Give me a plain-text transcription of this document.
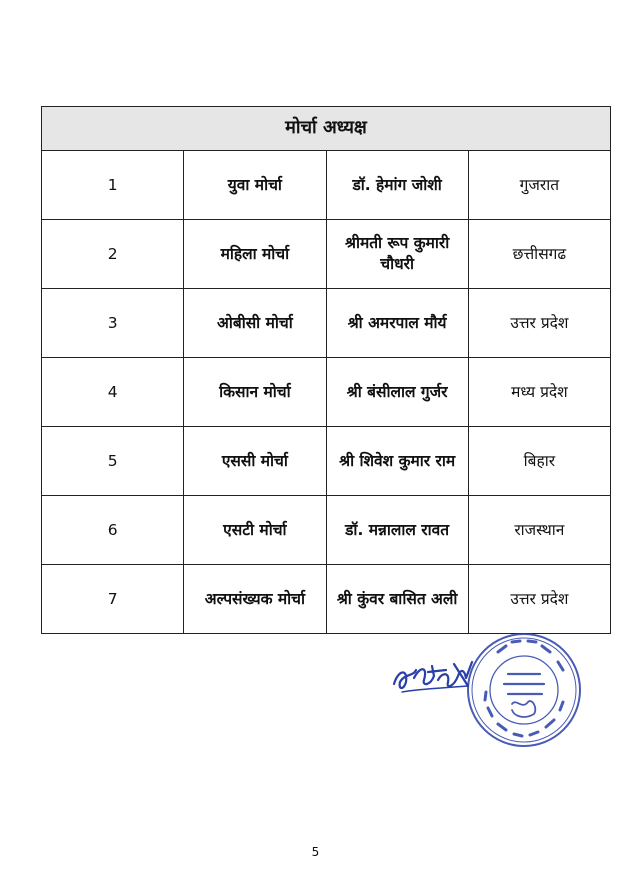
मोर्चा अध्यक्ष			
1	युवा मोर्चा	डॉ. हेमांग जोशी	गुजरात
2	महिला मोर्चा	श्रीमती रूप कुमारी चौधरी	छत्तीसगढ
3	ओबीसी मोर्चा	श्री अमरपाल मौर्य	उत्तर प्रदेश
4	किसान मोर्चा	श्री बंसीलाल गुर्जर	मध्य प्रदेश
5	एससी मोर्चा	श्री शिवेश कुमार राम	बिहार
6	एसटी मोर्चा	डॉ. मन्नालाल रावत	राजस्थान
7	अल्पसंख्यक मोर्चा	श्री कुंवर बासित अली	उत्तर प्रदेश
5
